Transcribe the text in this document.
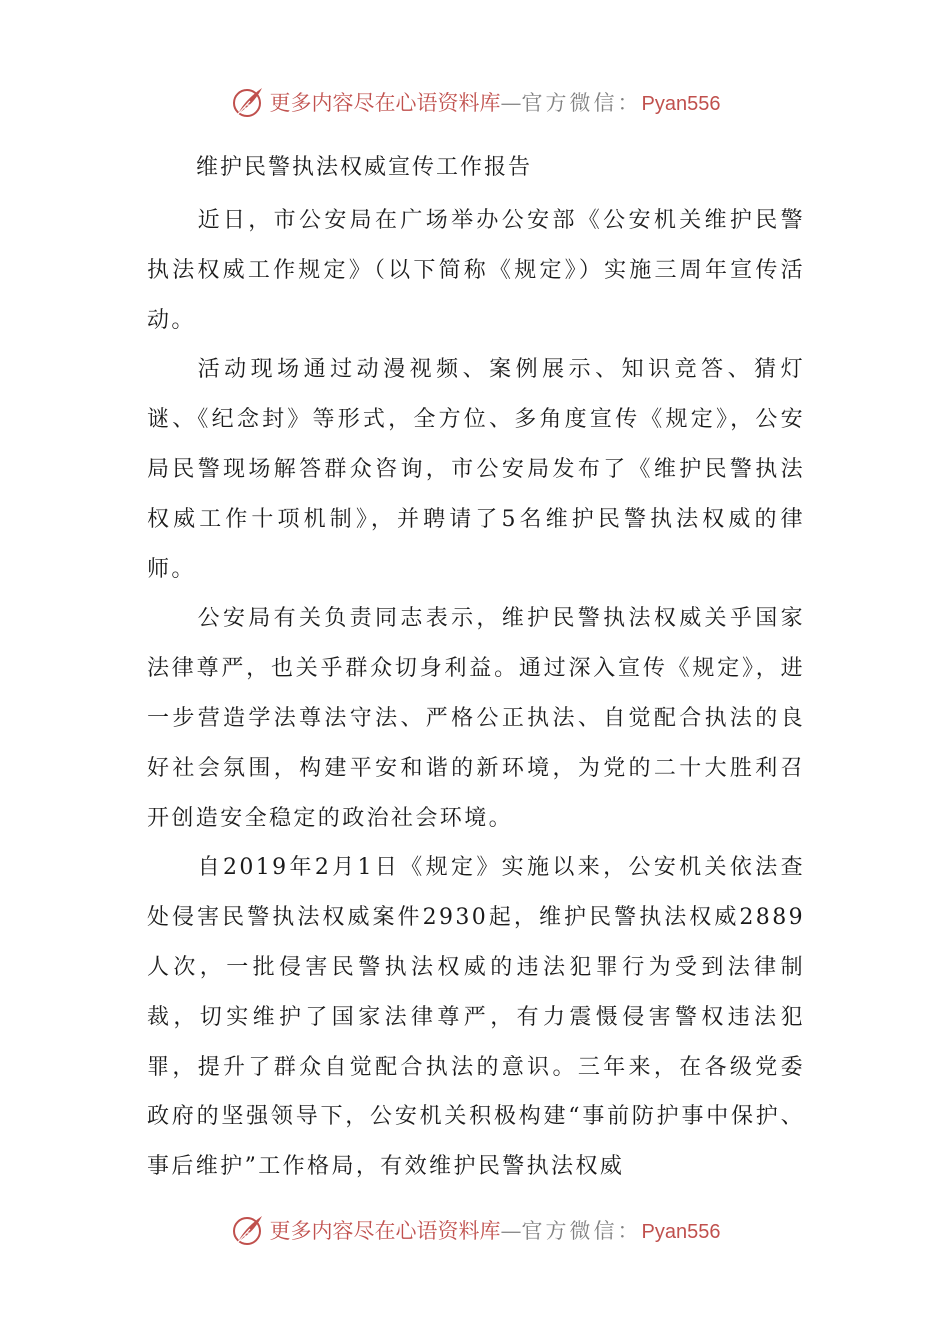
更多内容尽在心语资料库—官方微信：Pyan556
维护民警执法权威宣传工作报告

近日，市公安局在广场举办公安部《公安机关维护民警执法权威工作规定》（以下简称《规定》）实施三周年宣传活动。

活动现场通过动漫视频、案例展示、知识竞答、猜灯谜、《纪念封》等形式，全方位、多角度宣传《规定》，公安局民警现场解答群众咨询，市公安局发布了《维护民警执法权威工作十项机制》，并聘请了5名维护民警执法权威的律师。

公安局有关负责同志表示，维护民警执法权威关乎国家法律尊严，也关乎群众切身利益。通过深入宣传《规定》，进一步营造学法尊法守法、严格公正执法、自觉配合执法的良好社会氛围，构建平安和谐的新环境，为党的二十大胜利召开创造安全稳定的政治社会环境。

自2019年2月1日《规定》实施以来，公安机关依法查处侵害民警执法权威案件2930起，维护民警执法权威2889人次，一批侵害民警执法权威的违法犯罪行为受到法律制裁，切实维护了国家法律尊严，有力震慑侵害警权违法犯罪，提升了群众自觉配合执法的意识。三年来，在各级党委政府的坚强领导下，公安机关积极构建“事前防护事中保护、事后维护”工作格局，有效维护民警执法权威

更多内容尽在心语资料库—官方微信：Pyan556
